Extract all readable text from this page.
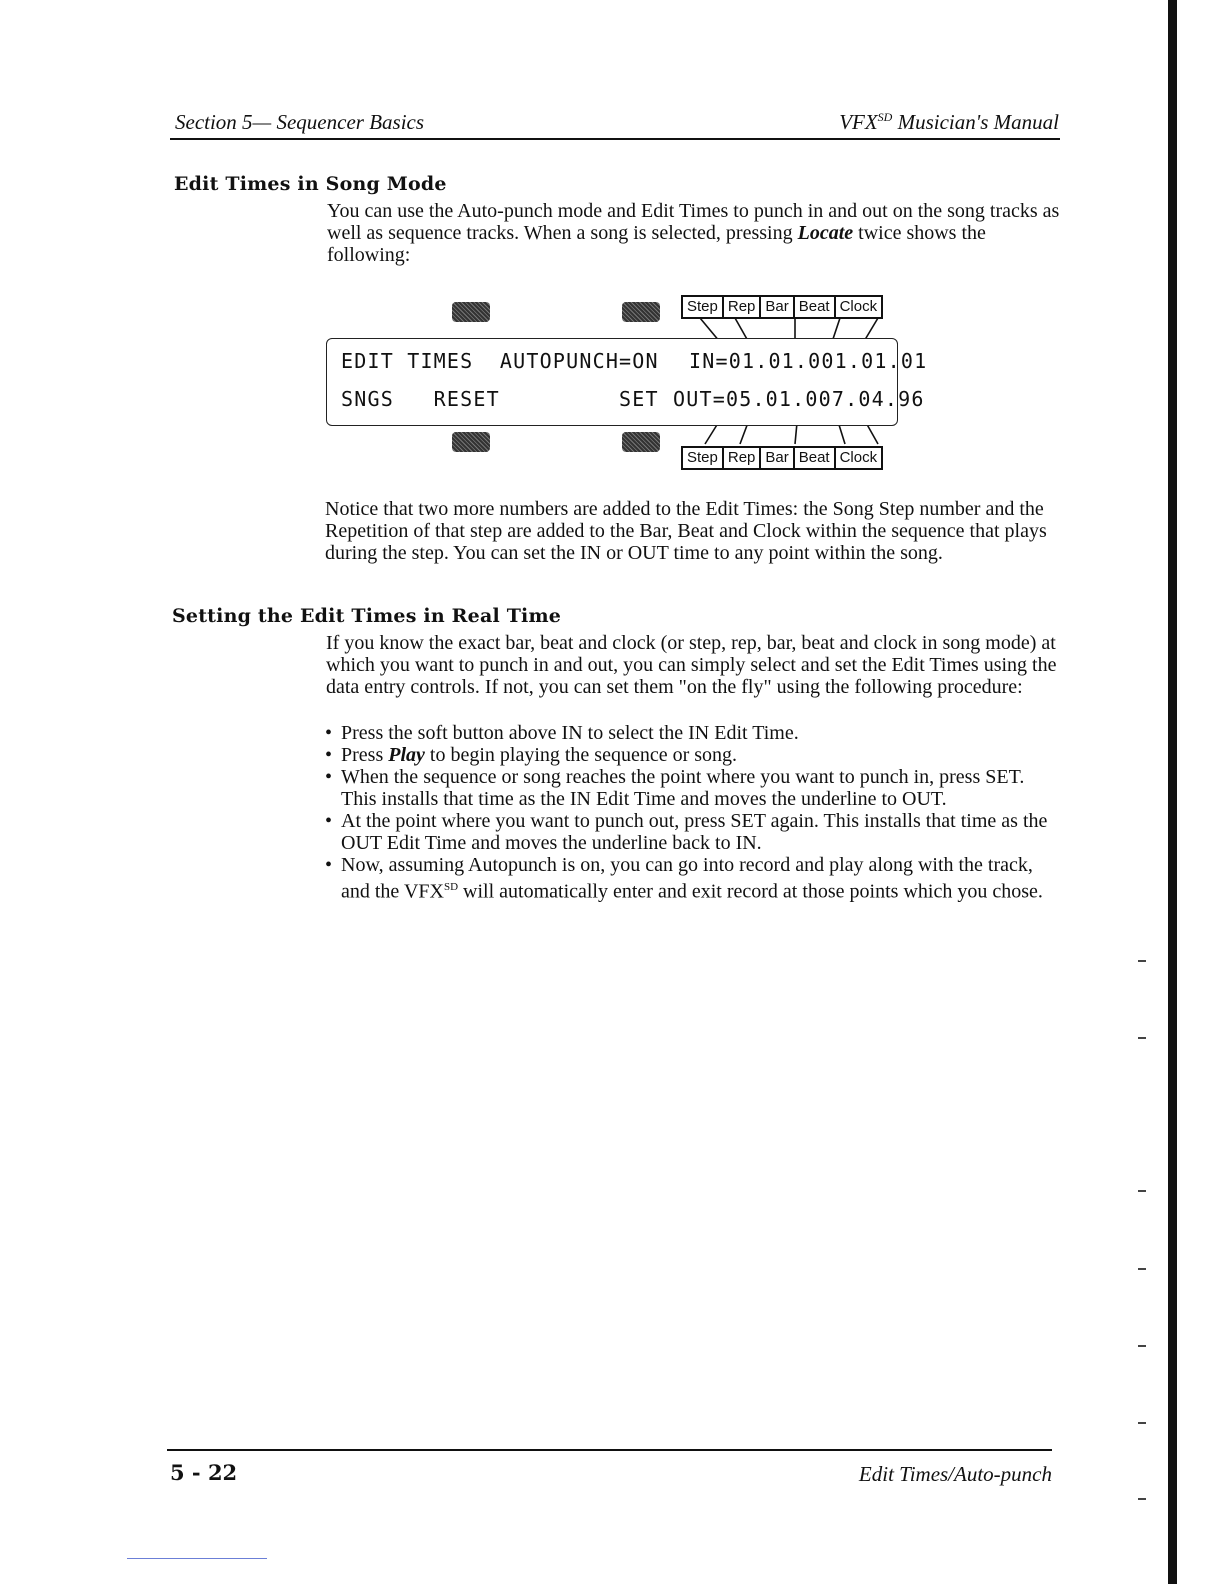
Section 5— Sequencer Basics	$VFX^{SD}$ Musician's Manual
Edit Times in Song Mode
You can use the Auto-punch mode and Edit Times to punch in and out on the song tracks as well as sequence tracks. When a song is selected, pressing Locate twice shows the following:
Step Rep Bar Beat Clock
EDIT TIMES  AUTOPUNCH=ON IN=01.01.001.01.01
SNGS   RESET         SET OUT=05.01.007.04.96
Step Rep Bar Beat Clock
Notice that two more numbers are added to the Edit Times: the Song Step number and the Repetition of that step are added to the Bar, Beat and Clock within the sequence that plays during the step. You can set the IN or OUT time to any point within the song.
Setting the Edit Times in Real Time
If you know the exact bar, beat and clock (or step, rep, bar, beat and clock in song mode) at which you want to punch in and out, you can simply select and set the Edit Times using the data entry controls. If not, you can set them "on the fly" using the following procedure:
• Press the soft button above IN to select the IN Edit Time.
• Press Play to begin playing the sequence or song.
• When the sequence or song reaches the point where you want to punch in, press SET. This installs that time as the IN Edit Time and moves the underline to OUT.
• At the point where you want to punch out, press SET again. This installs that time as the OUT Edit Time and moves the underline back to IN.
• Now, assuming Autopunch is on, you can go into record and play along with the track, and the $VFX^{SD}$ will automatically enter and exit record at those points which you chose.
5 - 22	Edit Times/Auto-punch
